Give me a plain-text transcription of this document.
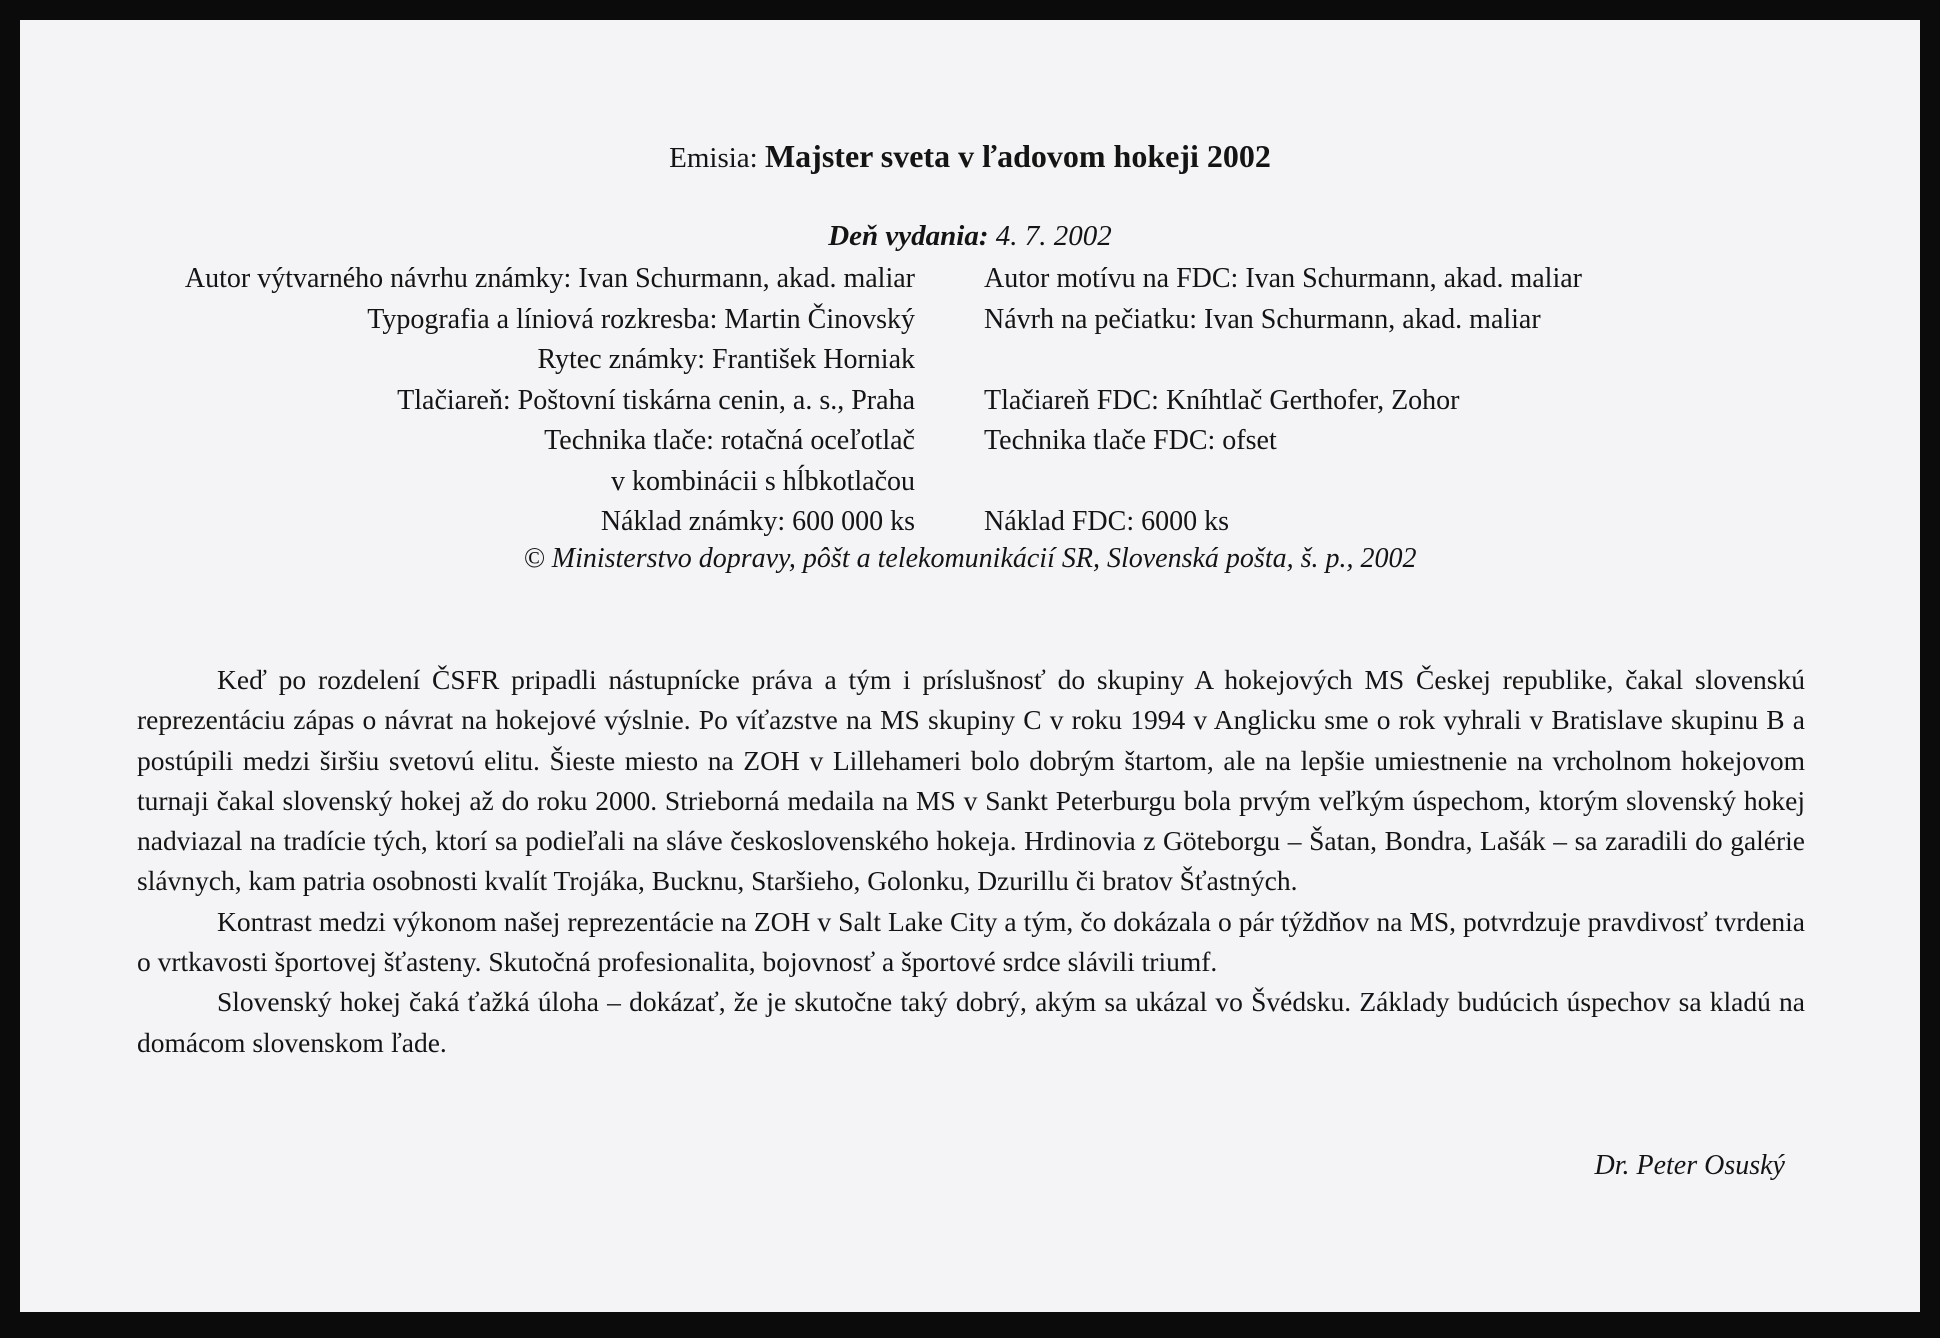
Emisia: Majster sveta v ľadovom hokeji 2002
Deň vydania: 4. 7. 2002
Autor výtvarného návrhu známky: Ivan Schurmann, akad. maliar
Typografia a líniová rozkresba: Martin Činovský
Rytec známky: František Horniak
Tlačiareň: Poštovní tiskárna cenin, a. s., Praha
Technika tlače: rotačná oceľotlač
v kombinácii s hĺbkotlačou
Náklad známky: 600 000 ks
Autor motívu na FDC: Ivan Schurmann, akad. maliar
Návrh na pečiatku: Ivan Schurmann, akad. maliar
Tlačiareň FDC: Kníhtlač Gerthofer, Zohor
Technika tlače FDC: ofset
Náklad FDC: 6000 ks
© Ministerstvo dopravy, pôšt a telekomunikácií SR, Slovenská pošta, š. p., 2002

Keď po rozdelení ČSFR pripadli nástupnícke práva a tým i príslušnosť do skupiny A hokejových MS Českej republike, čakal slovenskú reprezentáciu zápas o návrat na hokejové výslnie. Po víťazstve na MS skupiny C v roku 1994 v Anglicku sme o rok vyhrali v Bratislave skupinu B a postúpili medzi širšiu svetovú elitu. Šieste miesto na ZOH v Lillehameri bolo dobrým štartom, ale na lepšie umiestnenie na vrcholnom hokejovom turnaji čakal slovenský hokej až do roku 2000. Strieborná medaila na MS v Sankt Peterburgu bola prvým veľkým úspechom, ktorým slovenský hokej nadviazal na tradície tých, ktorí sa podieľali na sláve československého hokeja. Hrdinovia z Göteborgu – Šatan, Bondra, Lašák – sa zaradili do galérie slávnych, kam patria osobnosti kvalít Trojáka, Bucknu, Staršieho, Golonku, Dzurillu či bratov Šťastných.

Kontrast medzi výkonom našej reprezentácie na ZOH v Salt Lake City a tým, čo dokázala o pár týždňov na MS, potvrdzuje pravdivosť tvrdenia o vrtkavosti športovej šťasteny. Skutočná profesionalita, bojovnosť a športové srdce slávili triumf.

Slovenský hokej čaká ťažká úloha – dokázať, že je skutočne taký dobrý, akým sa ukázal vo Švédsku. Základy budúcich úspechov sa kladú na domácom slovenskom ľade.

Dr. Peter Osuský
